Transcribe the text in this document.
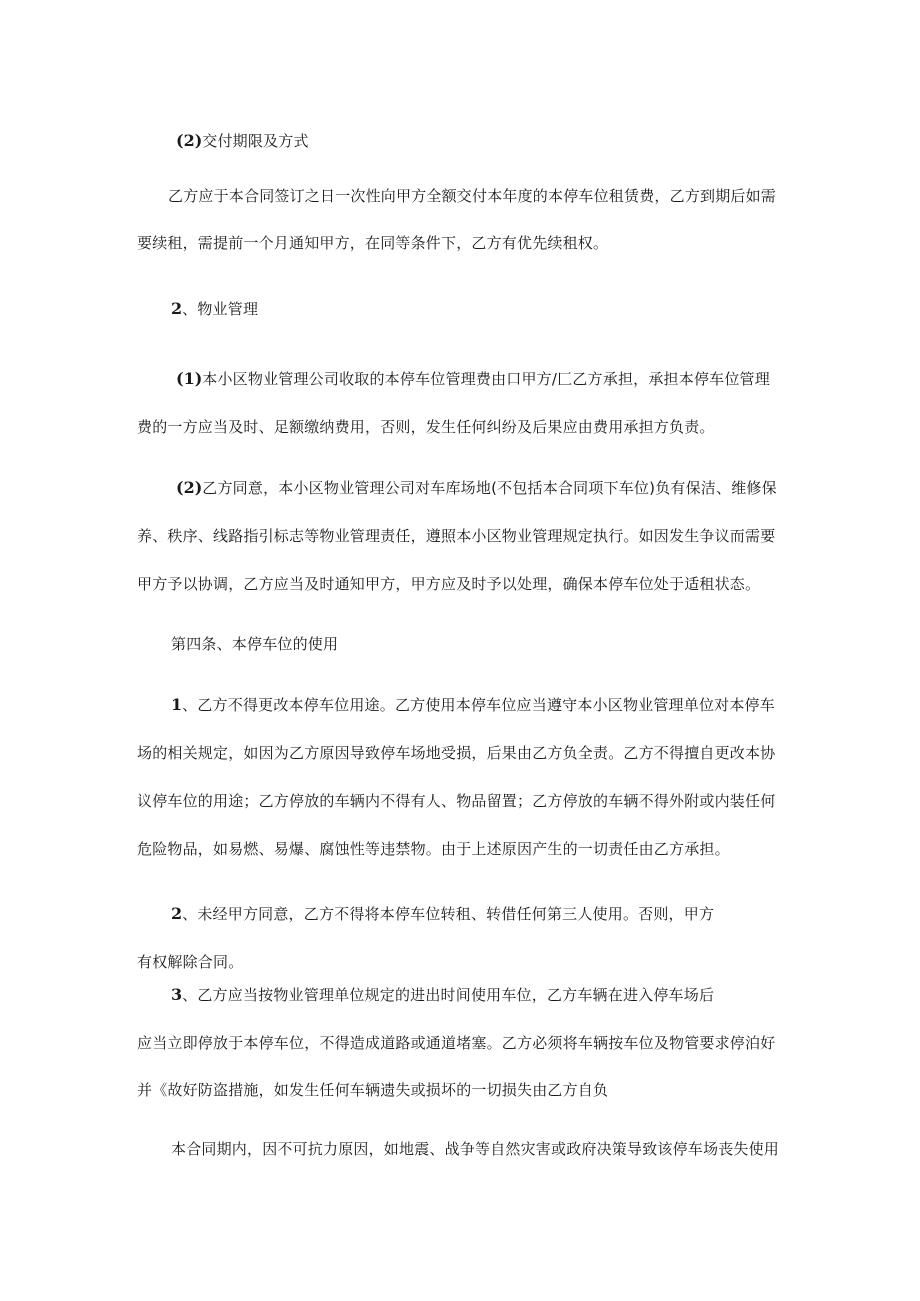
(2)交付期限及方式
乙方应于本合同签订之日一次性向甲方全额交付本年度的本停车位租赁费，乙方到期后如需
要续租，需提前一个月通知甲方，在同等条件下，乙方有优先续租权。
2、物业管理
(1)本小区物业管理公司收取的本停车位管理费由口甲方/匚乙方承担，承担本停车位管理
费的一方应当及时、足额缴纳费用，否则，发生任何纠纷及后果应由费用承担方负责。
(2)乙方同意，本小区物业管理公司对车库场地(不包括本合同项下车位)负有保洁、维修保
养、秩序、线路指引标志等物业管理责任，遵照本小区物业管理规定执行。如因发生争议而需要
甲方予以协调，乙方应当及时通知甲方，甲方应及时予以处理，确保本停车位处于适租状态。
第四条、本停车位的使用
1、乙方不得更改本停车位用途。乙方使用本停车位应当遵守本小区物业管理单位对本停车
场的相关规定，如因为乙方原因导致停车场地受损，后果由乙方负全责。乙方不得擅自更改本协
议停车位的用途；乙方停放的车辆内不得有人、物品留置；乙方停放的车辆不得外附或内装任何
危险物品，如易燃、易爆、腐蚀性等违禁物。由于上述原因产生的一切责任由乙方承担。
2、未经甲方同意，乙方不得将本停车位转租、转借任何第三人使用。否则，甲方
有权解除合同。
3、乙方应当按物业管理单位规定的进出时间使用车位，乙方车辆在进入停车场后
应当立即停放于本停车位，不得造成道路或通道堵塞。乙方必须将车辆按车位及物管要求停泊好
并《故好防盗措施，如发生任何车辆遗失或损坏的一切损失由乙方自负
本合同期内，因不可抗力原因，如地震、战争等自然灾害或政府决策导致该停车场丧失使用
